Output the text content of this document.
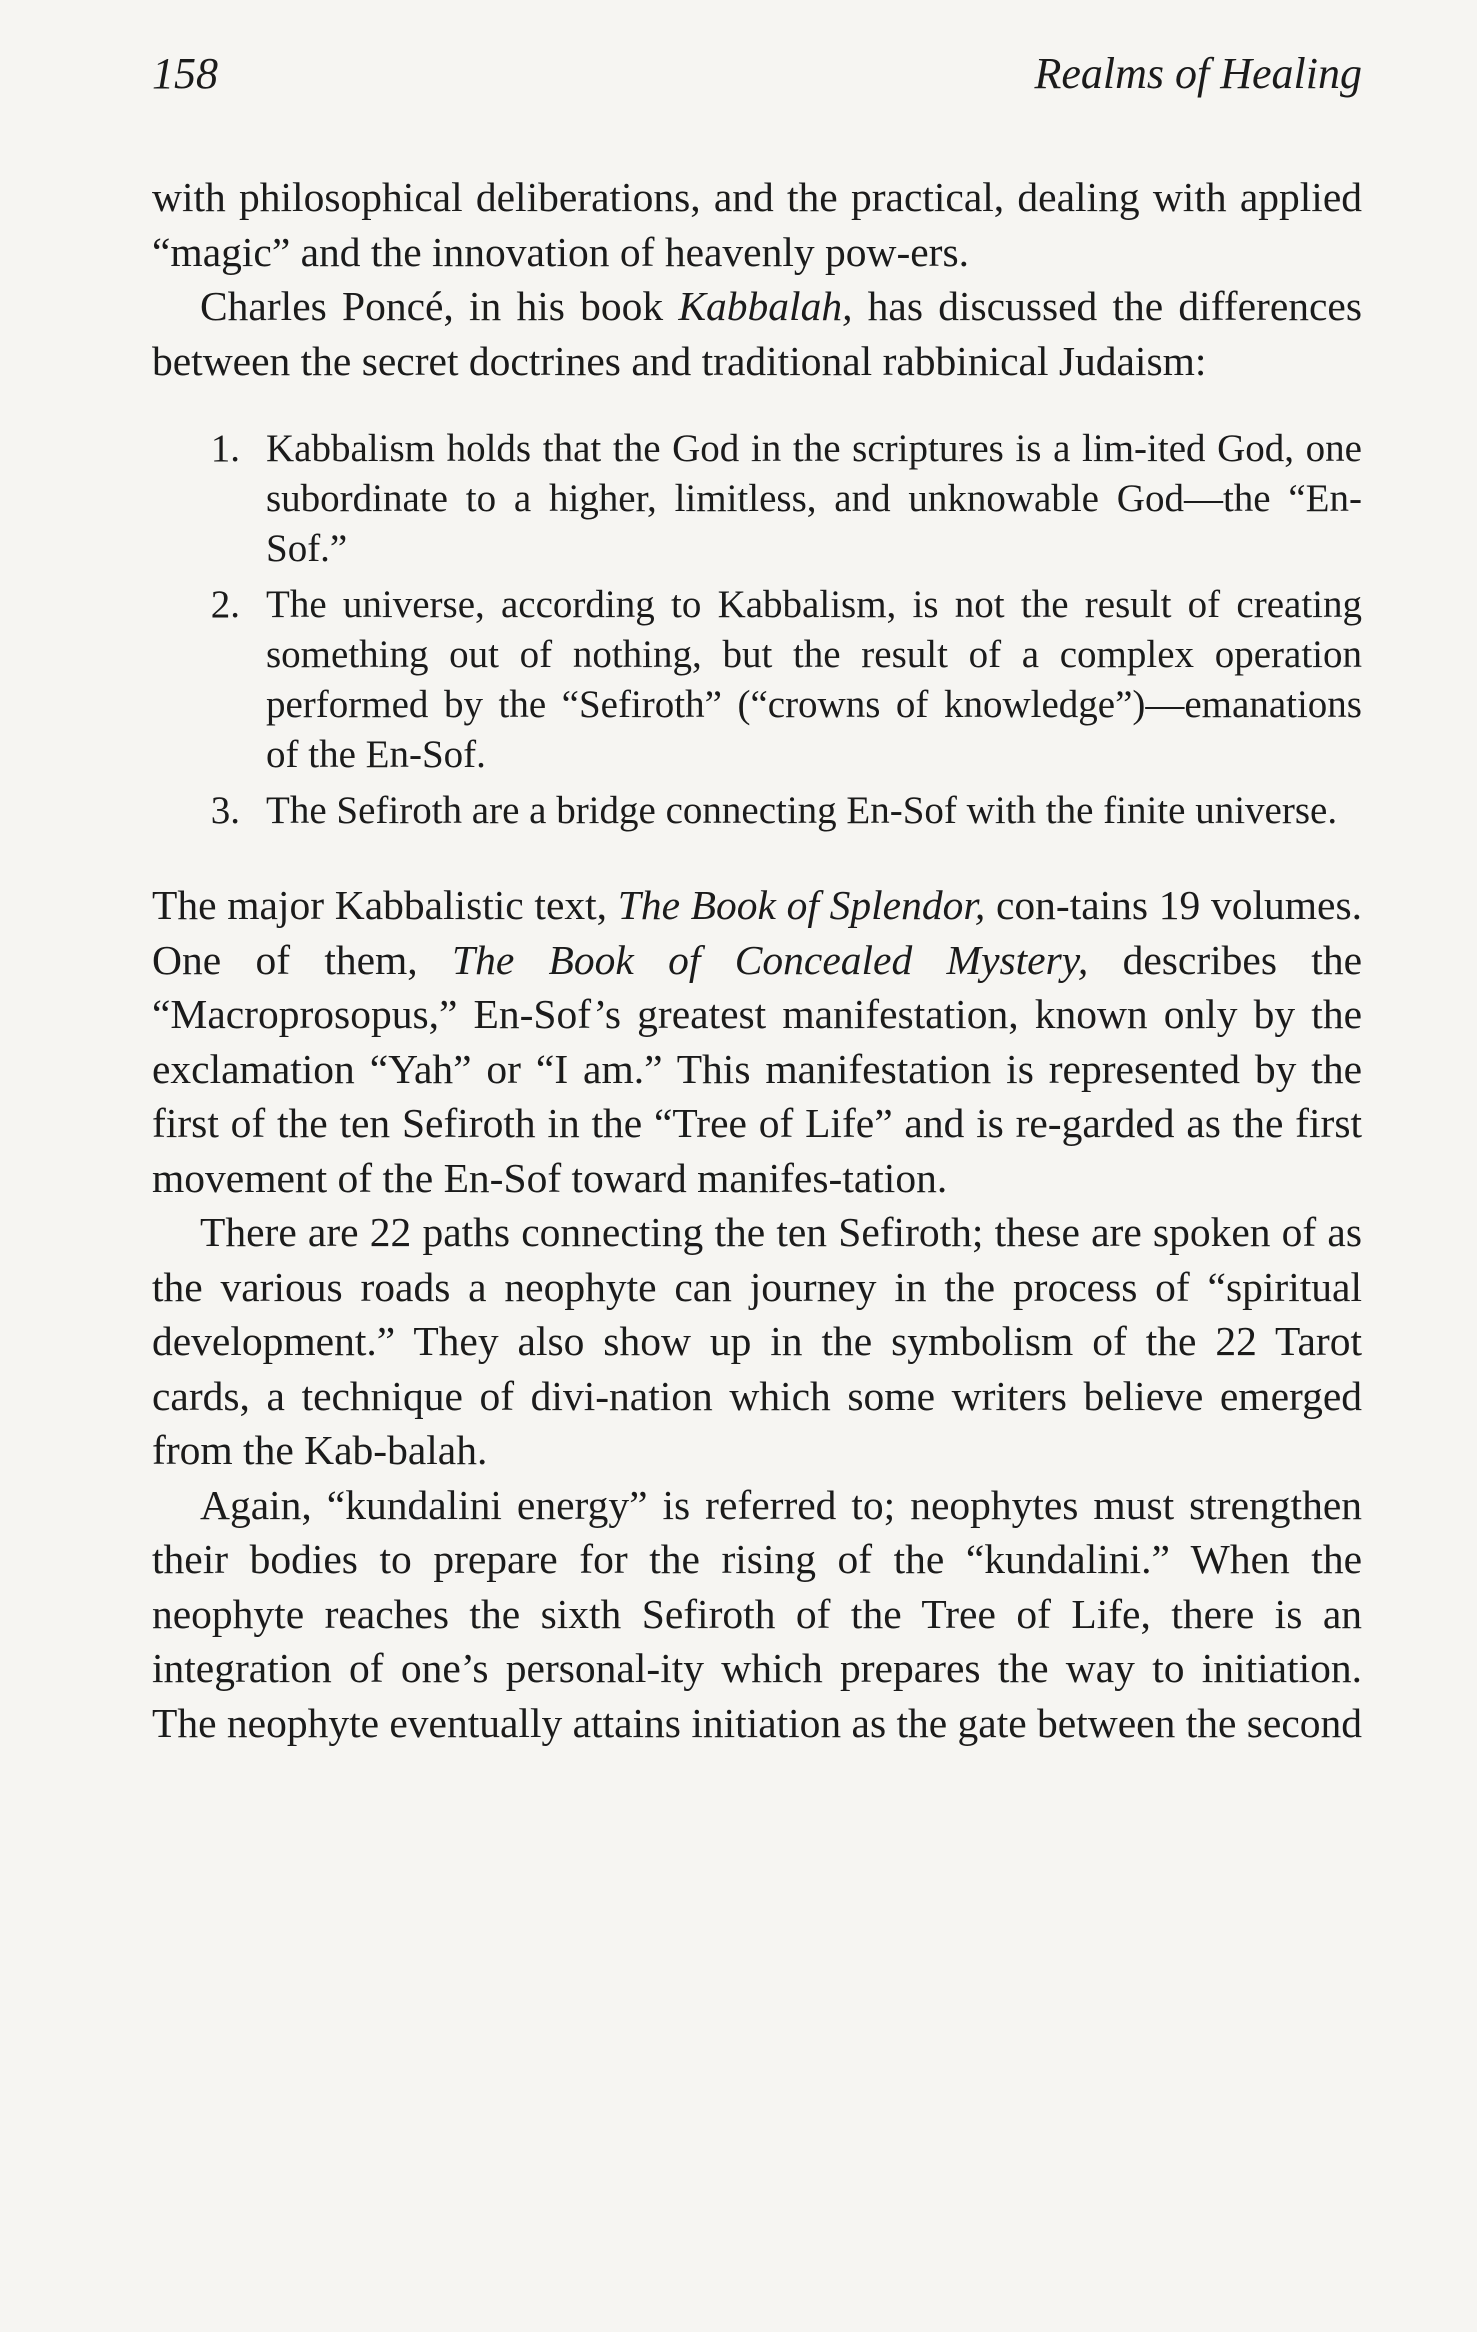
158	Realms of Healing

with philosophical deliberations, and the practical, dealing with applied “magic” and the innovation of heavenly pow-ers.

Charles Poncé, in his book Kabbalah, has discussed the differences between the secret doctrines and traditional rabbinical Judaism:

1. Kabbalism holds that the God in the scriptures is a lim-ited God, one subordinate to a higher, limitless, and unknowable God—the “En-Sof.”
2. The universe, according to Kabbalism, is not the result of creating something out of nothing, but the result of a complex operation performed by the “Sefiroth” (“crowns of knowledge”)—emanations of the En-Sof.
3. The Sefiroth are a bridge connecting En-Sof with the finite universe.

The major Kabbalistic text, The Book of Splendor, con-tains 19 volumes. One of them, The Book of Concealed Mystery, describes the “Macroprosopus,” En-Sof’s greatest manifestation, known only by the exclamation “Yah” or “I am.” This manifestation is represented by the first of the ten Sefiroth in the “Tree of Life” and is re-garded as the first movement of the En-Sof toward manifes-tation.

There are 22 paths connecting the ten Sefiroth; these are spoken of as the various roads a neophyte can journey in the process of “spiritual development.” They also show up in the symbolism of the 22 Tarot cards, a technique of divi-nation which some writers believe emerged from the Kab-balah.

Again, “kundalini energy” is referred to; neophytes must strengthen their bodies to prepare for the rising of the “kundalini.” When the neophyte reaches the sixth Sefiroth of the Tree of Life, there is an integration of one’s personal-ity which prepares the way to initiation. The neophyte eventually attains initiation as the gate between the second
